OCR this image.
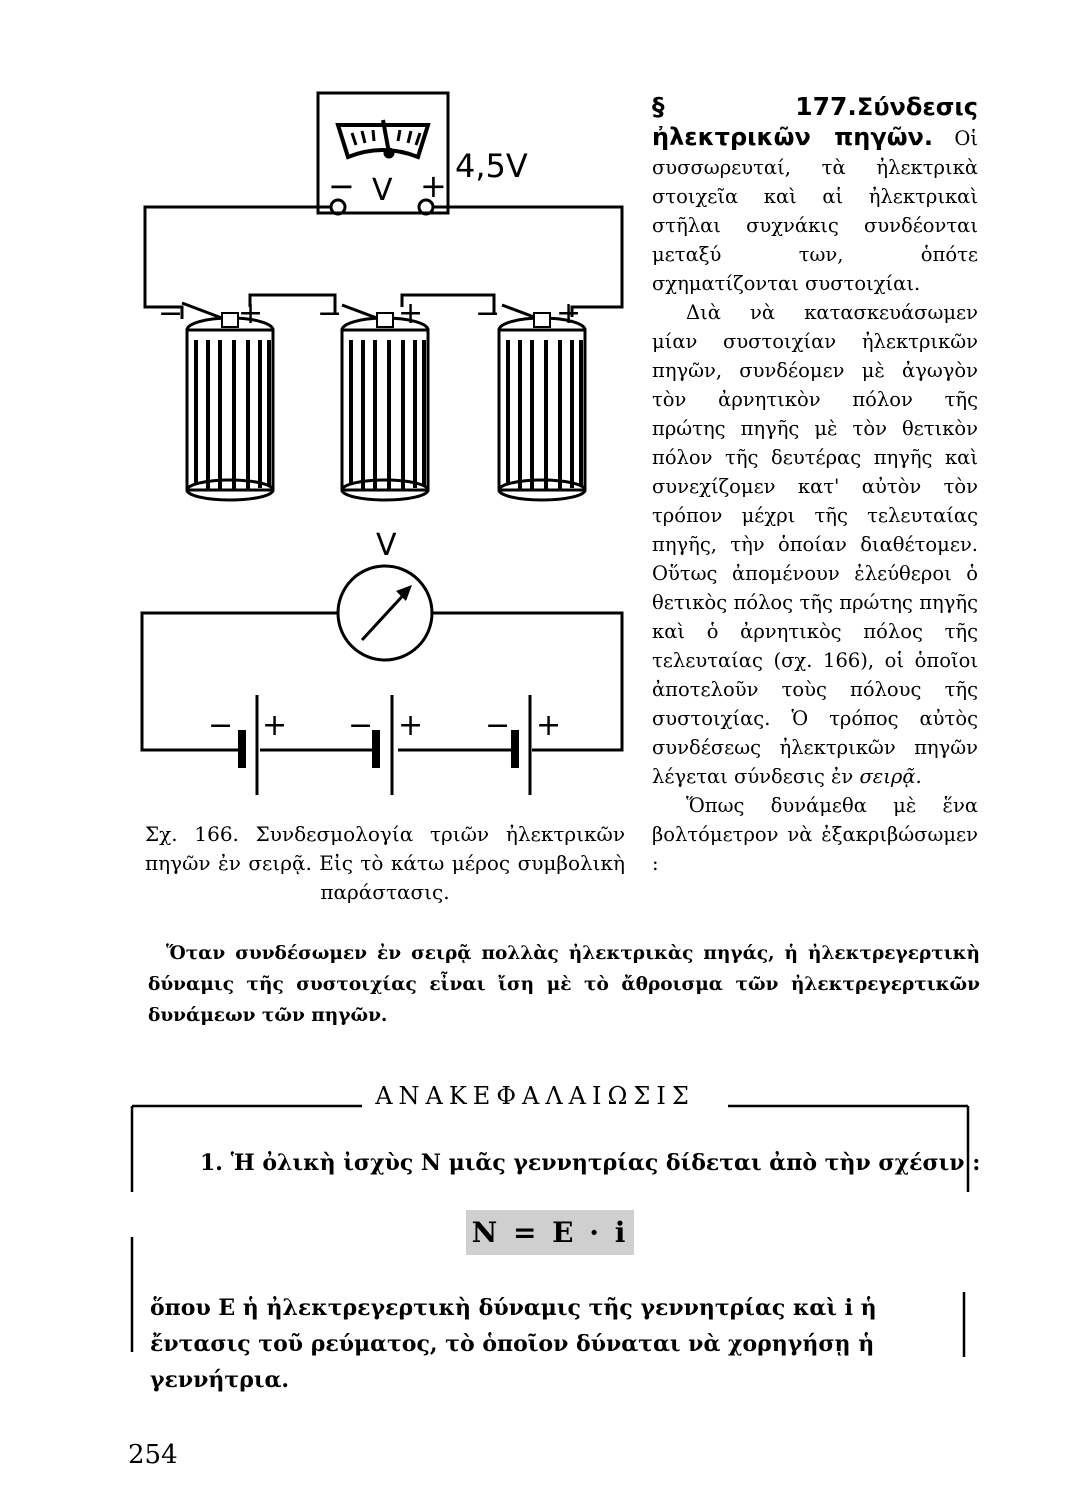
4,5V
V
− +
− + − + − +
V
− + − + − +
Σχ. 166. Συνδεσμολογία τριῶν ἠλεκτρικῶν πηγῶν ἐν σειρᾷ. Εἰς τὸ κάτω μέρος συμβολικὴ παράστασις.

§ 177.Σύνδεσις ἠλεκτρικῶν πηγῶν. Οἱ συσσωρευταί, τὰ ἠλεκτρικὰ στοιχεῖα καὶ αἱ ἠλεκτρικαὶ στῆλαι συχνάκις συνδέονται μεταξύ των, ὁπότε σχηματίζονται συστοιχίαι.

Διὰ νὰ κατασκευάσωμεν μίαν συστοιχίαν ἠλεκτρικῶν πηγῶν, συνδέομεν μὲ ἀγωγὸν τὸν ἀρνητικὸν πόλον τῆς πρώτης πηγῆς μὲ τὸν θετικὸν πόλον τῆς δευτέρας πηγῆς καὶ συνεχίζομεν κατ' αὐτὸν τὸν τρόπον μέχρι τῆς τελευταίας πηγῆς, τὴν ὁποίαν διαθέτομεν. Οὕτως ἀπομένουν ἐλεύθεροι ὁ θετικὸς πόλος τῆς πρώτης πηγῆς καὶ ὁ ἀρνητικὸς πόλος τῆς τελευταίας (σχ. 166), οἱ ὁποῖοι ἀποτελοῦν τοὺς πόλους τῆς συστοιχίας. Ὁ τρόπος αὐτὸς συνδέσεως ἠλεκτρικῶν πηγῶν λέγεται σύνδεσις ἐν σειρᾷ.

Ὅπως δυνάμεθα μὲ ἕνα βολτόμετρον νὰ ἐξακριβώσωμεν :

Ὅταν συνδέσωμεν ἐν σειρᾷ πολλὰς ἠλεκτρικὰς πηγάς, ἡ ἠλεκτρεγερτικὴ δύναμις τῆς συστοιχίας εἶναι ἴση μὲ τὸ ἄθροισμα τῶν ἠλεκτρεγερτικῶν δυνάμεων τῶν πηγῶν.
ΑΝΑΚΕΦΑΛΑΙΩΣΙΣ
1. Ἡ ὀλικὴ ἰσχὺς N μιᾶς γεννητρίας δίδεται ἀπὸ τὴν σχέσιν :
N = E · i
ὅπου E ἡ ἠλεκτρεγερτικὴ δύναμις τῆς γεννητρίας καὶ i ἡ ἔντασις τοῦ ρεύματος, τὸ ὁποῖον δύναται νὰ χορηγήσῃ ἡ γεννήτρια.
254
